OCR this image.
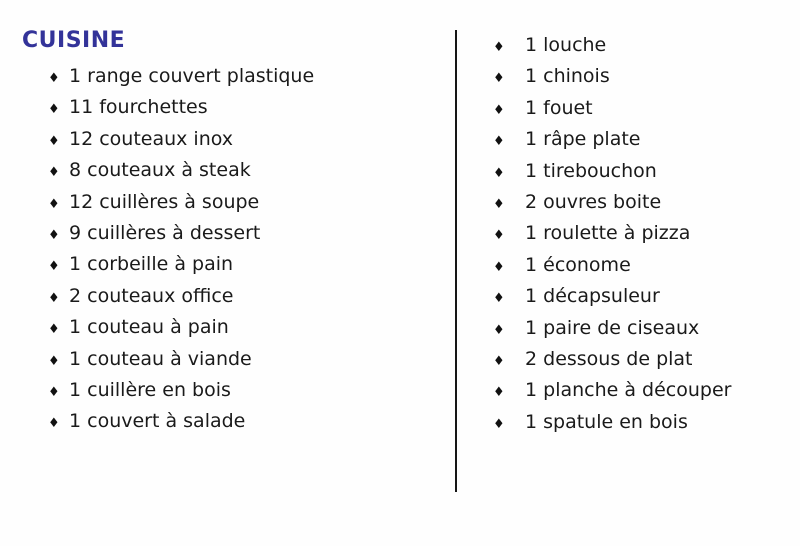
CUISINE
♦ 1 range couvert plastique
♦ 11 fourchettes
♦ 12 couteaux inox
♦ 8 couteaux à steak
♦ 12 cuillères à soupe
♦ 9 cuillères à dessert
♦ 1 corbeille à pain
♦ 2 couteaux office
♦ 1 couteau à pain
♦ 1 couteau à viande
♦ 1 cuillère en bois
♦ 1 couvert à salade
♦	1 louche
♦	1 chinois
♦	1 fouet
♦	1 râpe plate
♦	1 tirebouchon
♦	2 ouvres boite
♦	1 roulette à pizza
♦	1 économe
♦	1 décapsuleur
♦	1 paire de ciseaux
♦	2 dessous de plat
♦	1 planche à découper
♦	1 spatule en bois
